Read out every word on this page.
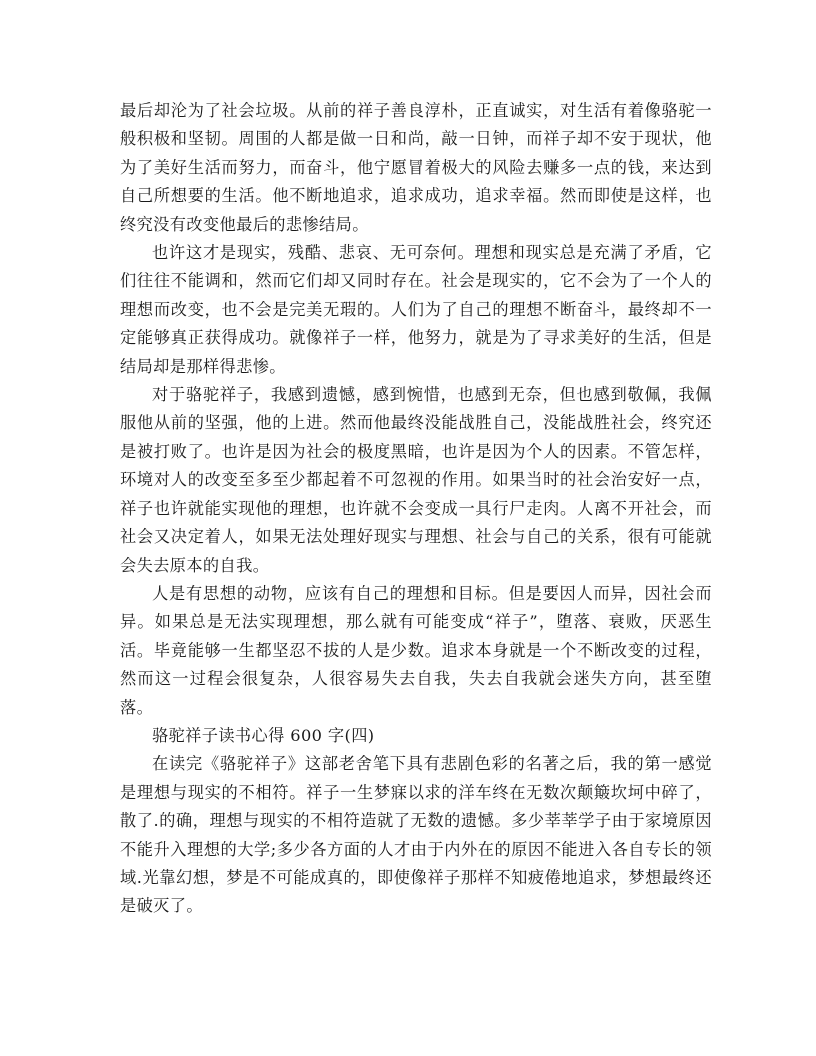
最后却沦为了社会垃圾。从前的祥子善良淳朴，正直诚实，对生活有着像骆驼一般积极和坚韧。周围的人都是做一日和尚，敲一日钟，而祥子却不安于现状，他为了美好生活而努力，而奋斗，他宁愿冒着极大的风险去赚多一点的钱，来达到自己所想要的生活。他不断地追求，追求成功，追求幸福。然而即使是这样，也终究没有改变他最后的悲惨结局。

也许这才是现实，残酷、悲哀、无可奈何。理想和现实总是充满了矛盾，它们往往不能调和，然而它们却又同时存在。社会是现实的，它不会为了一个人的理想而改变，也不会是完美无瑕的。人们为了自己的理想不断奋斗，最终却不一定能够真正获得成功。就像祥子一样，他努力，就是为了寻求美好的生活，但是结局却是那样得悲惨。

对于骆驼祥子，我感到遗憾，感到惋惜，也感到无奈，但也感到敬佩，我佩服他从前的坚强，他的上进。然而他最终没能战胜自己，没能战胜社会，终究还是被打败了。也许是因为社会的极度黑暗，也许是因为个人的因素。不管怎样，环境对人的改变至多至少都起着不可忽视的作用。如果当时的社会治安好一点，祥子也许就能实现他的理想，也许就不会变成一具行尸走肉。人离不开社会，而社会又决定着人，如果无法处理好现实与理想、社会与自己的关系，很有可能就会失去原本的自我。

人是有思想的动物，应该有自己的理想和目标。但是要因人而异，因社会而异。如果总是无法实现理想，那么就有可能变成“祥子”，堕落、衰败，厌恶生活。毕竟能够一生都坚忍不拔的人是少数。追求本身就是一个不断改变的过程，然而这一过程会很复杂，人很容易失去自我，失去自我就会迷失方向，甚至堕落。

骆驼祥子读书心得 600 字(四)

在读完《骆驼祥子》这部老舍笔下具有悲剧色彩的名著之后，我的第一感觉是理想与现实的不相符。祥子一生梦寐以求的洋车终在无数次颠簸坎坷中碎了，散了.的确，理想与现实的不相符造就了无数的遗憾。多少莘莘学子由于家境原因不能升入理想的大学;多少各方面的人才由于内外在的原因不能进入各自专长的领域.光靠幻想，梦是不可能成真的，即使像祥子那样不知疲倦地追求，梦想最终还是破灭了。
